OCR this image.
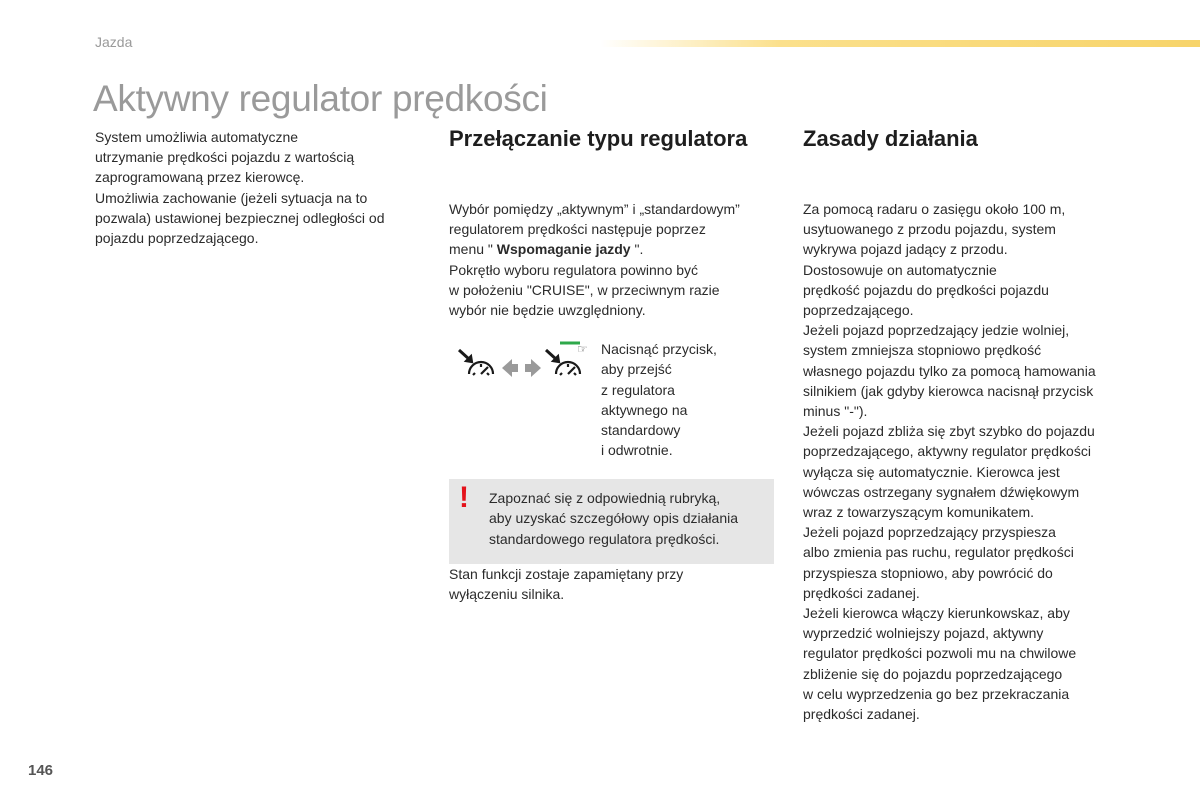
Jazda
Aktywny regulator prędkości

System umożliwia automatyczne
utrzymanie prędkości pojazdu z wartością
zaprogramowaną przez kierowcę.
Umożliwia zachowanie (jeżeli sytuacja na to
pozwala) ustawionej bezpiecznej odległości od
pojazdu poprzedzającego.

Przełączanie typu regulatora

Wybór pomiędzy „aktywnym” i „standardowym”
regulatorem prędkości następuje poprzez
menu " Wspomaganie jazdy ".

Pokrętło wyboru regulatora powinno być
w położeniu "CRUISE", w przeciwnym razie
wybór nie będzie uwzględniony.

☞ Nacisnąć przycisk,
aby przejść
z regulatora
aktywnego na
standardowy
i odwrotnie.
! Zapoznać się z odpowiednią rubryką,
aby uzyskać szczegółowy opis działania
standardowego regulatora prędkości.

Stan funkcji zostaje zapamiętany przy
wyłączeniu silnika.

Zasady działania

Za pomocą radaru o zasięgu około 100 m,
usytuowanego z przodu pojazdu, system
wykrywa pojazd jadący z przodu.
Dostosowuje on automatycznie
prędkość pojazdu do prędkości pojazdu
poprzedzającego.
Jeżeli pojazd poprzedzający jedzie wolniej,
system zmniejsza stopniowo prędkość
własnego pojazdu tylko za pomocą hamowania
silnikiem (jak gdyby kierowca nacisnął przycisk
minus "-").
Jeżeli pojazd zbliża się zbyt szybko do pojazdu
poprzedzającego, aktywny regulator prędkości
wyłącza się automatycznie. Kierowca jest
wówczas ostrzegany sygnałem dźwiękowym
wraz z towarzyszącym komunikatem.
Jeżeli pojazd poprzedzający przyspiesza
albo zmienia pas ruchu, regulator prędkości
przyspiesza stopniowo, aby powrócić do
prędkości zadanej.
Jeżeli kierowca włączy kierunkowskaz, aby
wyprzedzić wolniejszy pojazd, aktywny
regulator prędkości pozwoli mu na chwilowe
zbliżenie się do pojazdu poprzedzającego
w celu wyprzedzenia go bez przekraczania
prędkości zadanej.

146
